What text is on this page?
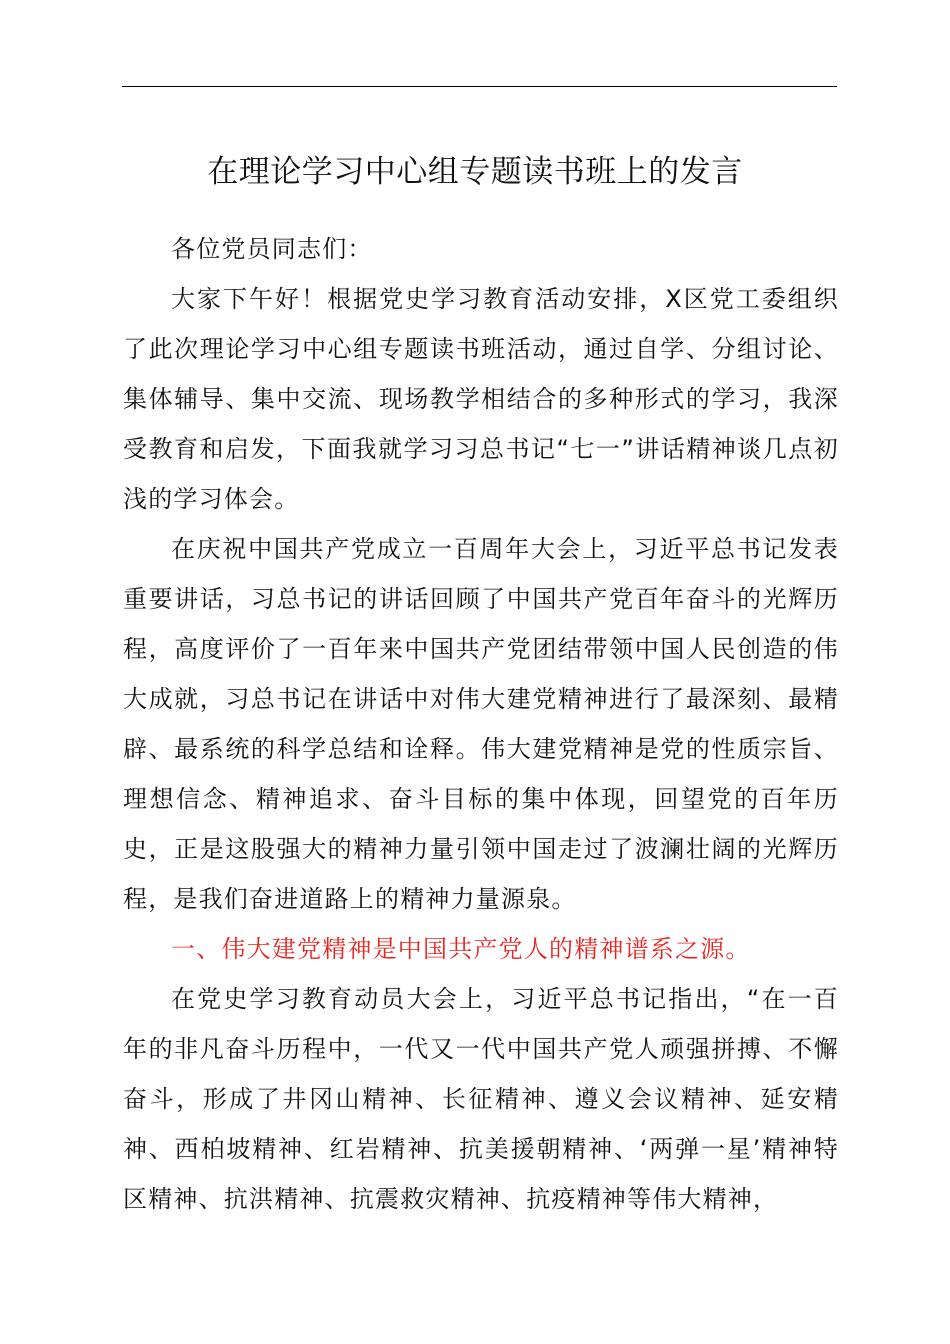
在理论学习中心组专题读书班上的发言

各位党员同志们：

大家下午好！根据党史学习教育活动安排，X区党工委组织了此次理论学习中心组专题读书班活动，通过自学、分组讨论、集体辅导、集中交流、现场教学相结合的多种形式的学习，我深受教育和启发，下面我就学习习总书记“七一”讲话精神谈几点初浅的学习体会。

在庆祝中国共产党成立一百周年大会上，习近平总书记发表重要讲话，习总书记的讲话回顾了中国共产党百年奋斗的光辉历程，高度评价了一百年来中国共产党团结带领中国人民创造的伟大成就，习总书记在讲话中对伟大建党精神进行了最深刻、最精辟、最系统的科学总结和诠释。伟大建党精神是党的性质宗旨、理想信念、精神追求、奋斗目标的集中体现，回望党的百年历史，正是这股强大的精神力量引领中国走过了波澜壮阔的光辉历程，是我们奋进道路上的精神力量源泉。

一、伟大建党精神是中国共产党人的精神谱系之源。

在党史学习教育动员大会上，习近平总书记指出，“在一百年的非凡奋斗历程中，一代又一代中国共产党人顽强拼搏、不懈奋斗，形成了井冈山精神、长征精神、遵义会议精神、延安精神、西柏坡精神、红岩精神、抗美援朝精神、‘两弹一星’精神特区精神、抗洪精神、抗震救灾精神、抗疫精神等伟大精神，
